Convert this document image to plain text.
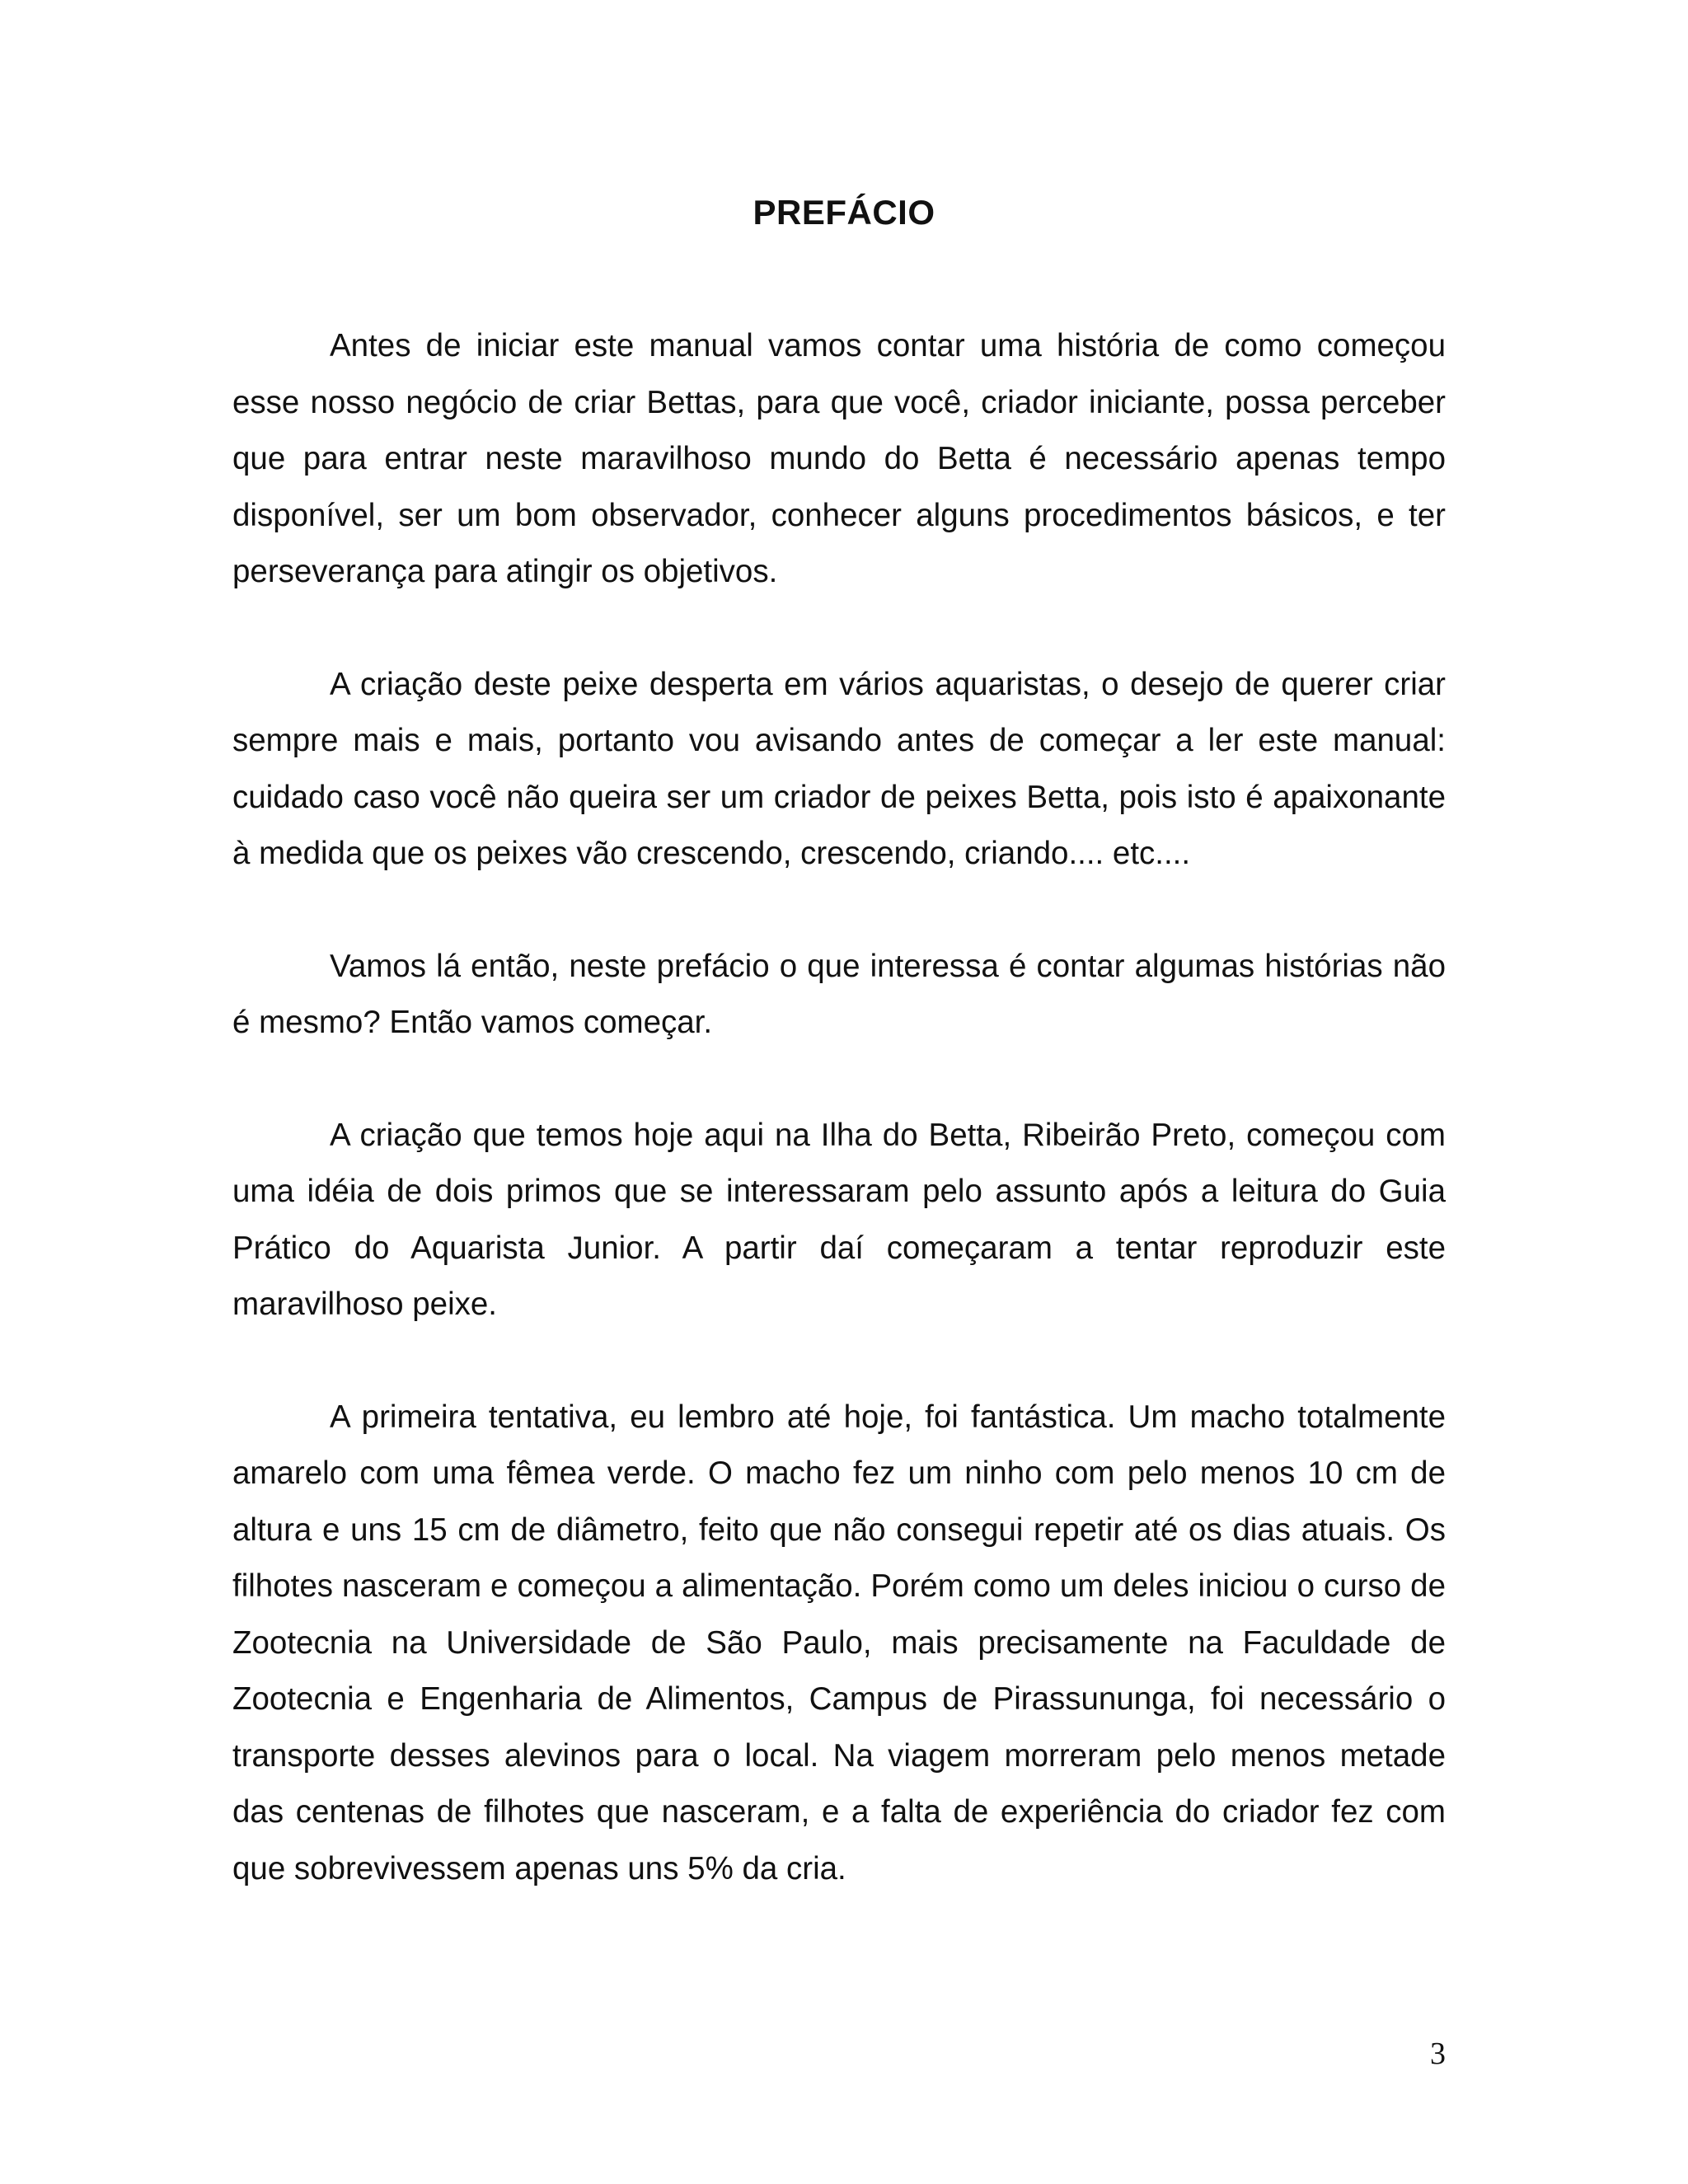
PREFÁCIO

Antes de iniciar este manual vamos contar uma história de como começou esse nosso negócio de criar Bettas, para que você, criador iniciante, possa perceber que para entrar neste maravilhoso mundo do Betta é necessário apenas tempo disponível, ser um bom observador, conhecer alguns procedimentos básicos, e ter perseverança para atingir os objetivos.

A criação deste peixe desperta em vários aquaristas, o desejo de querer criar sempre mais e mais, portanto vou avisando antes de começar a ler este manual: cuidado caso você não queira ser um criador de peixes Betta, pois isto é apaixonante à medida que os peixes vão crescendo, crescendo, criando.... etc....

Vamos lá então, neste prefácio o que interessa é contar algumas histórias não é mesmo? Então vamos começar.

A criação que temos hoje aqui na Ilha do Betta, Ribeirão Preto, começou com uma idéia de dois primos que se interessaram pelo assunto após a leitura do Guia Prático do Aquarista Junior. A partir daí começaram a tentar reproduzir este maravilhoso peixe.

A primeira tentativa, eu lembro até hoje, foi fantástica. Um macho totalmente amarelo com uma fêmea verde. O macho fez um ninho com pelo menos 10 cm de altura e uns 15 cm de diâmetro, feito que não consegui repetir até os dias atuais. Os filhotes nasceram e começou a alimentação. Porém como um deles iniciou o curso de Zootecnia na Universidade de São Paulo, mais precisamente na Faculdade de Zootecnia e Engenharia de Alimentos, Campus de Pirassununga, foi necessário o transporte desses alevinos para o local. Na viagem morreram pelo menos metade das centenas de filhotes que nasceram, e a falta de experiência do criador fez com que sobrevivessem apenas uns 5% da cria.

3
